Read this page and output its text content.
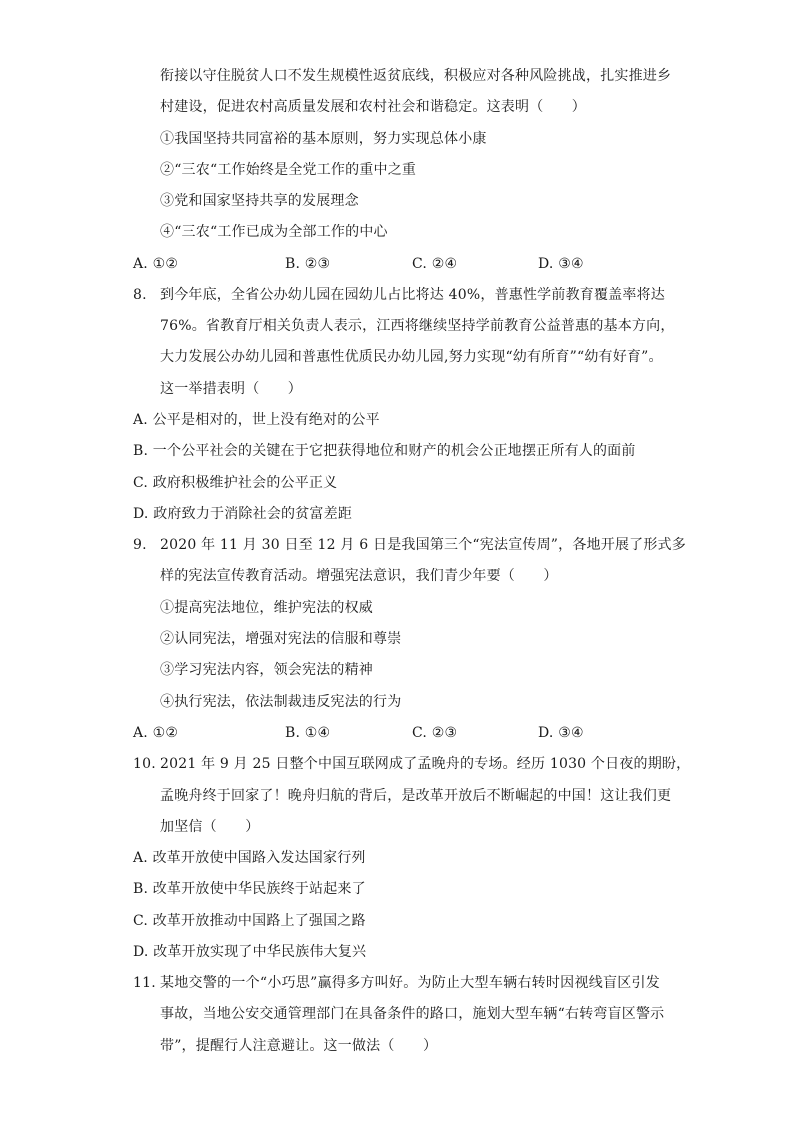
衔接以守住脱贫人口不发生规模性返贫底线，积极应对各种风险挑战，扎实推进乡
村建设，促进农村高质量发展和农村社会和谐稳定。这表明（　　）
①我国坚持共同富裕的基本原则，努力实现总体小康
②“三农“工作始终是全党工作的重中之重
③党和国家坚持共享的发展理念
④“三农“工作已成为全部工作的中心
A. ①②	B. ②③	C. ②④	D. ③④
8. 到今年底，全省公办幼儿园在园幼儿占比将达 40%，普惠性学前教育覆盖率将达
76%。省教育厅相关负责人表示，江西将继续坚持学前教育公益普惠的基本方向，
大力发展公办幼儿园和普惠性优质民办幼儿园,努力实现“幼有所育”“幼有好育”。
这一举措表明（　　）
A. 公平是相对的，世上没有绝对的公平
B. 一个公平社会的关键在于它把获得地位和财产的机会公正地摆正所有人的面前
C. 政府积极维护社会的公平正义
D. 政府致力于消除社会的贫富差距
9. 2020 年 11 月 30 日至 12 月 6 日是我国第三个“宪法宣传周”，各地开展了形式多
样的宪法宣传教育活动。增强宪法意识，我们青少年要（　　）
①提高宪法地位，维护宪法的权威
②认同宪法，增强对宪法的信服和尊崇
③学习宪法内容，领会宪法的精神
④执行宪法，依法制裁违反宪法的行为
A. ①②	B. ①④	C. ②③	D. ③④
10. 2021 年 9 月 25 日整个中国互联网成了孟晚舟的专场。经历 1030 个日夜的期盼，
孟晚舟终于回家了！晚舟归航的背后，是改革开放后不断崛起的中国！这让我们更
加坚信（　　）
A. 改革开放使中国路入发达国家行列
B. 改革开放使中华民族终于站起来了
C. 改革开放推动中国路上了强国之路
D. 改革开放实现了中华民族伟大复兴
11. 某地交警的一个“小巧思”赢得多方叫好。为防止大型车辆右转时因视线盲区引发
事故，当地公安交通管理部门在具备条件的路口，施划大型车辆“右转弯盲区警示
带”，提醒行人注意避让。这一做法（　　）
